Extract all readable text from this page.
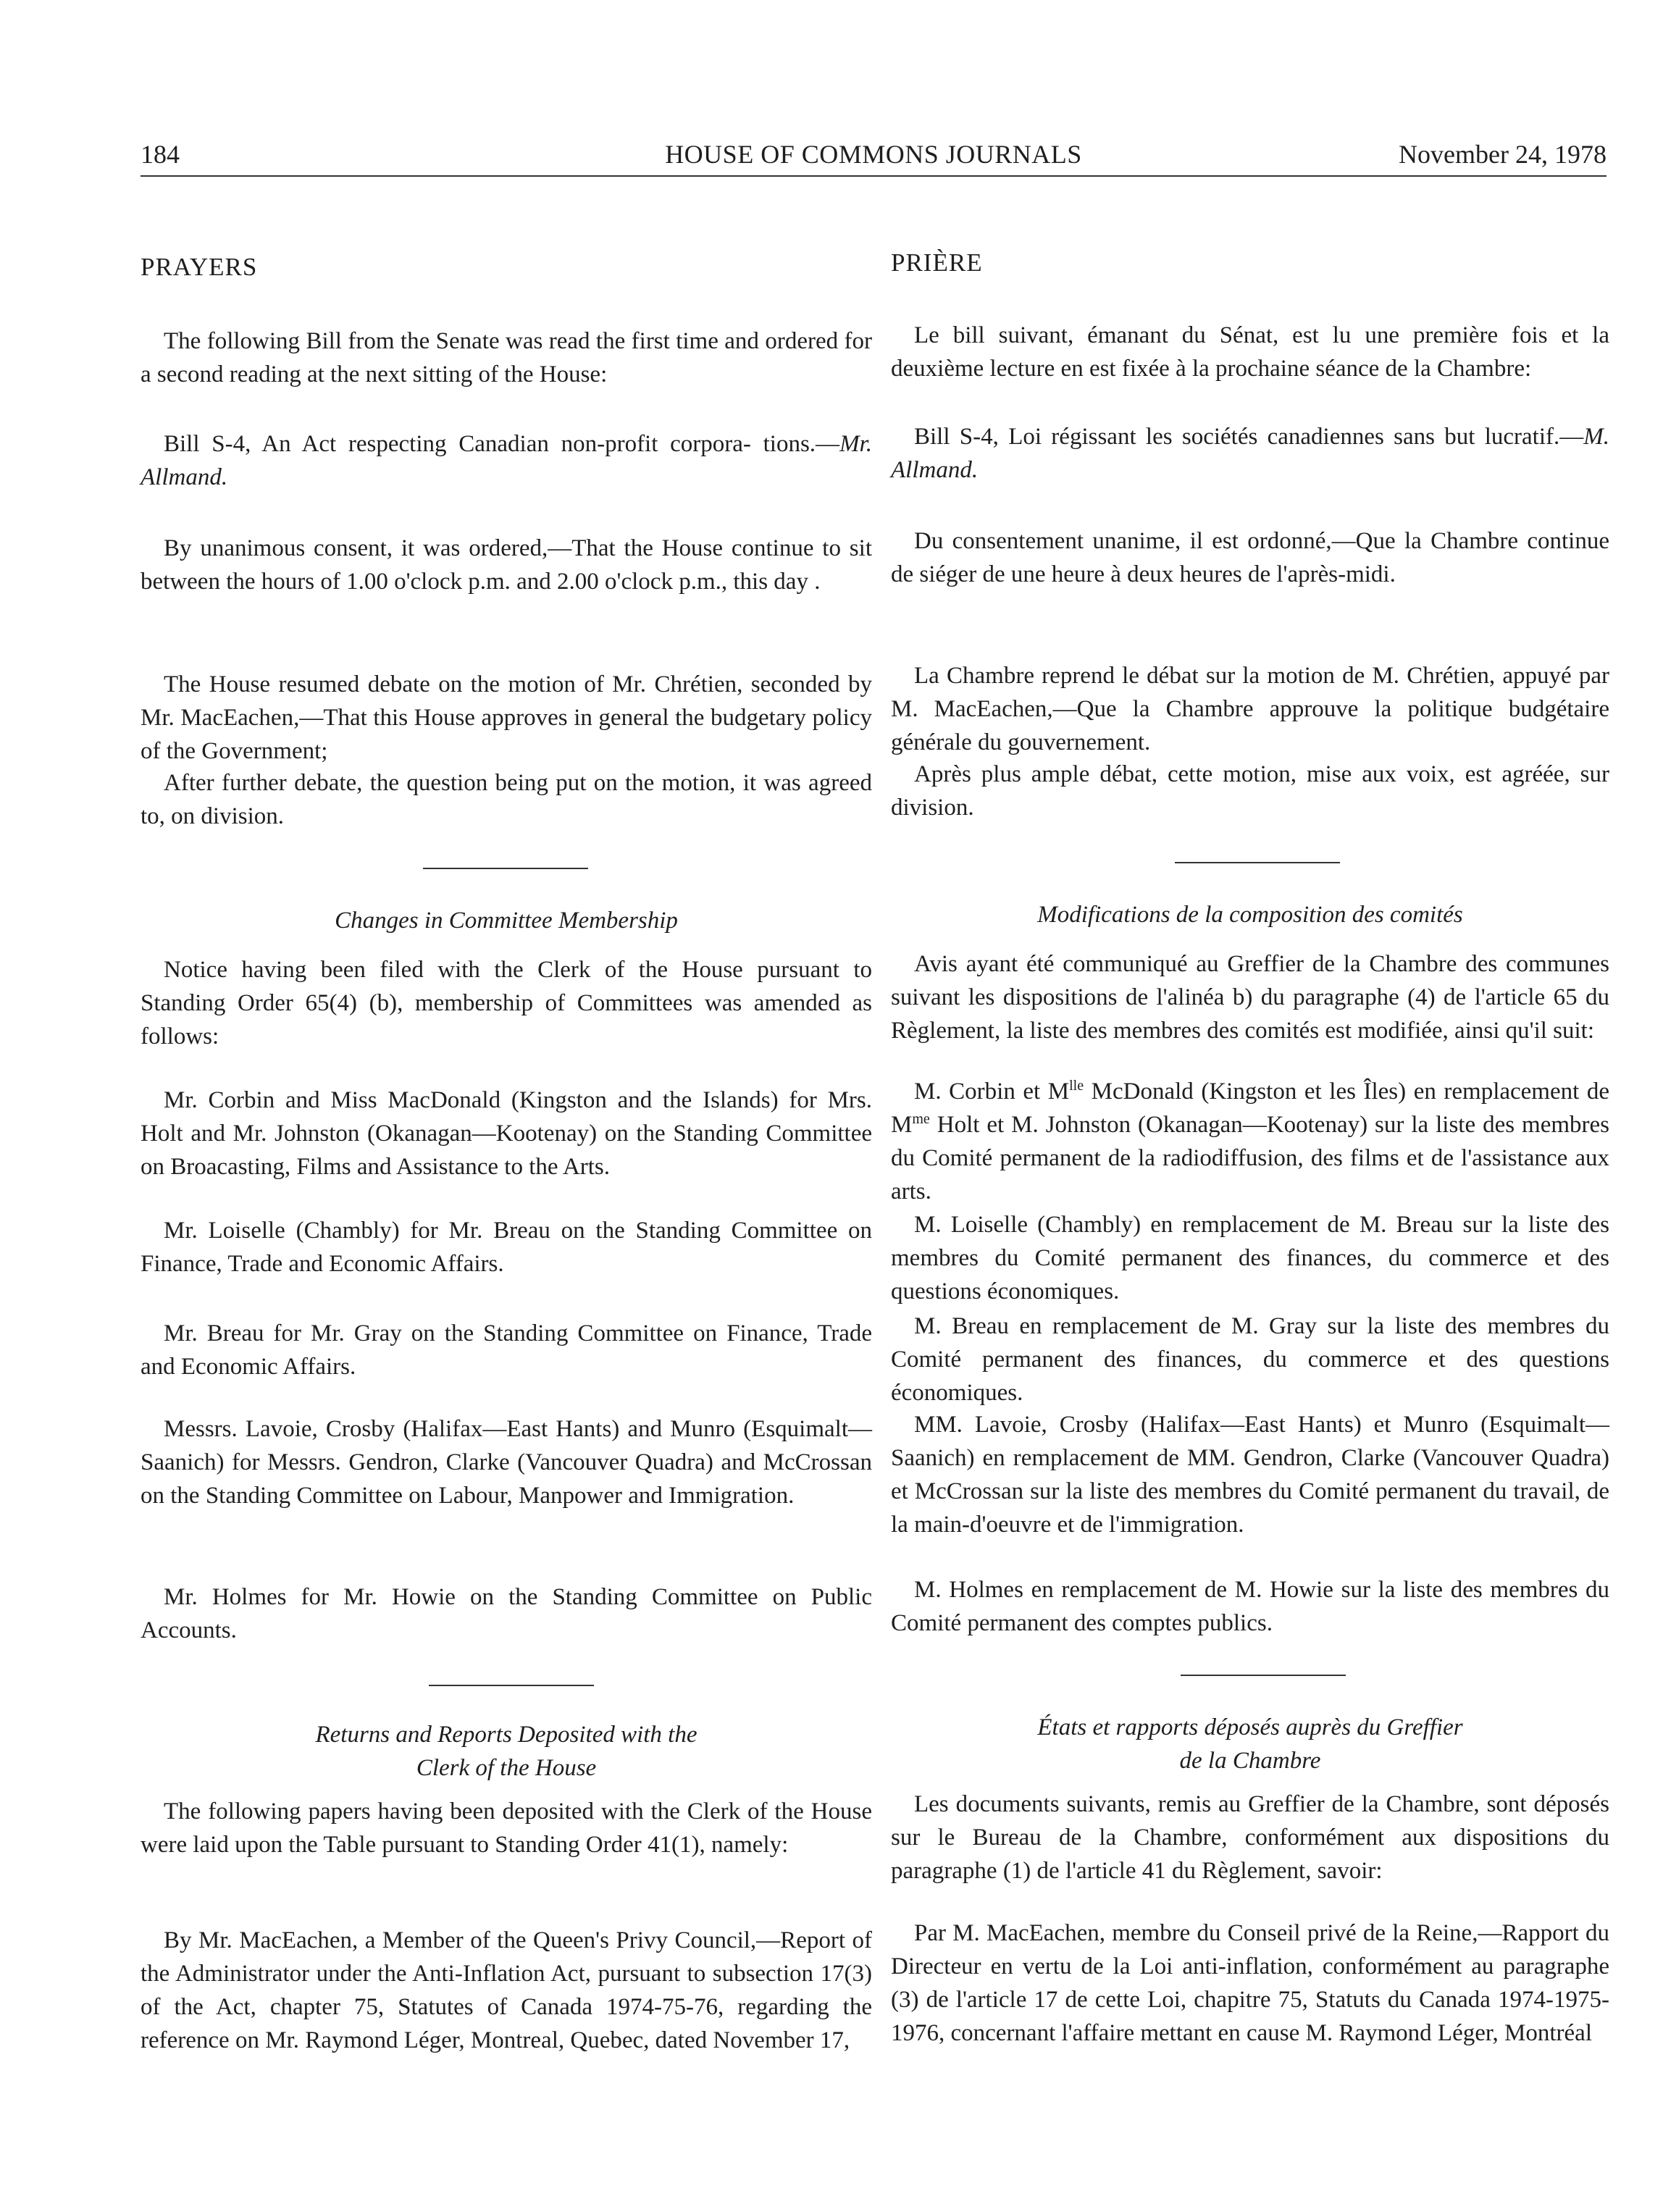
184	HOUSE OF COMMONS JOURNALS	November 24, 1978

PRAYERS

The following Bill from the Senate was read the first time and ordered for a second reading at the next sitting of the House:

Bill S-4, An Act respecting Canadian non-profit corpora- tions.—Mr. Allmand.

By unanimous consent, it was ordered,—That the House continue to sit between the hours of 1.00 o'clock p.m. and 2.00 o'clock p.m., this day .

The House resumed debate on the motion of Mr. Chrétien, seconded by Mr. MacEachen,—That this House approves in general the budgetary policy of the Government;

After further debate, the question being put on the motion, it was agreed to, on division.

Changes in Committee Membership

Notice having been filed with the Clerk of the House pursuant to Standing Order 65(4) (b), membership of Committees was amended as follows:

Mr. Corbin and Miss MacDonald (Kingston and the Islands) for Mrs. Holt and Mr. Johnston (Okanagan—Kootenay) on the Standing Committee on Broacasting, Films and Assistance to the Arts.

Mr. Loiselle (Chambly) for Mr. Breau on the Standing Committee on Finance, Trade and Economic Affairs.

Mr. Breau for Mr. Gray on the Standing Committee on Finance, Trade and Economic Affairs.

Messrs. Lavoie, Crosby (Halifax—East Hants) and Munro (Esquimalt—Saanich) for Messrs. Gendron, Clarke (Vancouver Quadra) and McCrossan on the Standing Committee on Labour, Manpower and Immigration.

Mr. Holmes for Mr. Howie on the Standing Committee on Public Accounts.

Returns and Reports Deposited with the

Clerk of the House

The following papers having been deposited with the Clerk of the House were laid upon the Table pursuant to Standing Order 41(1), namely:

By Mr. MacEachen, a Member of the Queen's Privy Council,—Report of the Administrator under the Anti-Inflation Act, pursuant to subsection 17(3) of the Act, chapter 75, Statutes of Canada 1974-75-76, regarding the reference on Mr. Raymond Léger, Montreal, Quebec, dated November 17,

PRIÈRE

Le bill suivant, émanant du Sénat, est lu une première fois et la deuxième lecture en est fixée à la prochaine séance de la Chambre:

Bill S-4, Loi régissant les sociétés canadiennes sans but lucratif.—M. Allmand.

Du consentement unanime, il est ordonné,—Que la Chambre continue de siéger de une heure à deux heures de l'après-midi.

La Chambre reprend le débat sur la motion de M. Chrétien, appuyé par M. MacEachen,—Que la Chambre approuve la politique budgétaire générale du gouvernement.

Après plus ample débat, cette motion, mise aux voix, est agréée, sur division.

Modifications de la composition des comités

Avis ayant été communiqué au Greffier de la Chambre des communes suivant les dispositions de l'alinéa b) du paragraphe (4) de l'article 65 du Règlement, la liste des membres des comités est modifiée, ainsi qu'il suit:

M. Corbin et $M^{lle}$ McDonald (Kingston et les Îles) en remplacement de $M^{me}$ Holt et M. Johnston (Okanagan—Kootenay) sur la liste des membres du Comité permanent de la radiodiffusion, des films et de l'assistance aux arts.

M. Loiselle (Chambly) en remplacement de M. Breau sur la liste des membres du Comité permanent des finances, du commerce et des questions économiques.

M. Breau en remplacement de M. Gray sur la liste des membres du Comité permanent des finances, du commerce et des questions économiques.

MM. Lavoie, Crosby (Halifax—East Hants) et Munro (Esquimalt—Saanich) en remplacement de MM. Gendron, Clarke (Vancouver Quadra) et McCrossan sur la liste des membres du Comité permanent du travail, de la main-d'oeuvre et de l'immigration.

M. Holmes en remplacement de M. Howie sur la liste des membres du Comité permanent des comptes publics.

États et rapports déposés auprès du Greffier

de la Chambre

Les documents suivants, remis au Greffier de la Chambre, sont déposés sur le Bureau de la Chambre, conformément aux dispositions du paragraphe (1) de l'article 41 du Règlement, savoir:

Par M. MacEachen, membre du Conseil privé de la Reine,—Rapport du Directeur en vertu de la Loi anti-inflation, conformément au paragraphe (3) de l'article 17 de cette Loi, chapitre 75, Statuts du Canada 1974-1975-1976, concernant l'affaire mettant en cause M. Raymond Léger, Montréal
